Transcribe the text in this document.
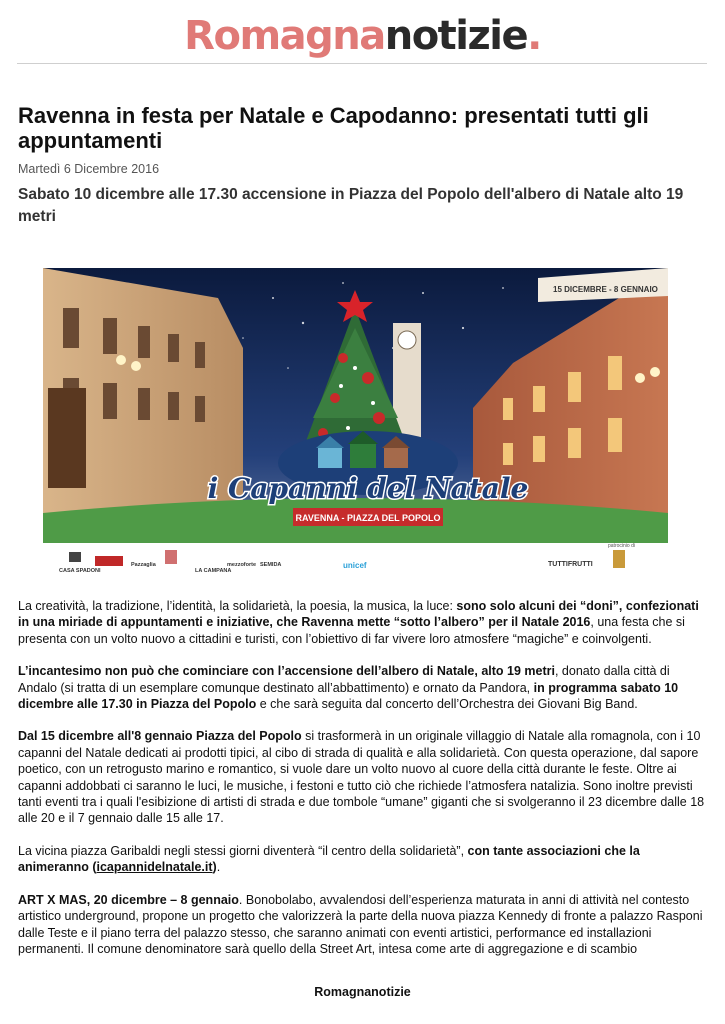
Romagnanotizie.
Ravenna in festa per Natale e Capodanno: presentati tutti gli appuntamenti
Martedì 6 Dicembre 2016
Sabato 10 dicembre alle 17.30 accensione in Piazza del Popolo dell'albero di Natale alto 19 metri
15 DICEMBRE - 8 GENNAIO
i Capanni del Natale
RAVENNA - PIAZZA DEL POPOLO
patrocinio di
CASA SPADONI
Pazzaglia
LA CAMPANA
mezzoforte SEMIDA	unicef	TUTTIFRUTTI

La creatività, la tradizione, l’identità, la solidarietà, la poesia, la musica, la luce: sono solo alcuni dei “doni”, confezionati in una miriade di appuntamenti e iniziative, che Ravenna mette “sotto l’albero” per il Natale 2016, una festa che si presenta con un volto nuovo a cittadini e turisti, con l’obiettivo di far vivere loro atmosfere “magiche” e coinvolgenti.

L’incantesimo non può che cominciare con l’accensione dell’albero di Natale, alto 19 metri, donato dalla città di Andalo (si tratta di un esemplare comunque destinato all’abbattimento) e ornato da Pandora, in programma sabato 10 dicembre alle 17.30 in Piazza del Popolo e che sarà seguita dal concerto dell’Orchestra dei Giovani Big Band.

Dal 15 dicembre all'8 gennaio Piazza del Popolo si trasformerà in un originale villaggio di Natale alla romagnola, con i 10 capanni del Natale dedicati ai prodotti tipici, al cibo di strada di qualità e alla solidarietà. Con questa operazione, dal sapore poetico, con un retrogusto marino e romantico, si vuole dare un volto nuovo al cuore della città durante le feste. Oltre ai capanni addobbati ci saranno le luci, le musiche, i festoni e tutto ciò che richiede l’atmosfera natalizia. Sono inoltre previsti tanti eventi tra i quali l'esibizione di artisti di strada e due tombole “umane” giganti che si svolgeranno il 23 dicembre dalle 18 alle 20 e il 7 gennaio dalle 15 alle 17.

La vicina piazza Garibaldi negli stessi giorni diventerà “il centro della solidarietà”, con tante associazioni che la animeranno (icapannidelnatale.it).

ART X MAS, 20 dicembre – 8 gennaio. Bonobolabo, avvalendosi dell’esperienza maturata in anni di attività nel contesto artistico underground, propone un progetto che valorizzerà la parte della nuova piazza Kennedy di fronte a palazzo Rasponi dalle Teste e il piano terra del palazzo stesso, che saranno animati con eventi artistici, performance ed installazioni permanenti. Il comune denominatore sarà quello della Street Art, intesa come arte di aggregazione e di scambio

Romagnanotizie
